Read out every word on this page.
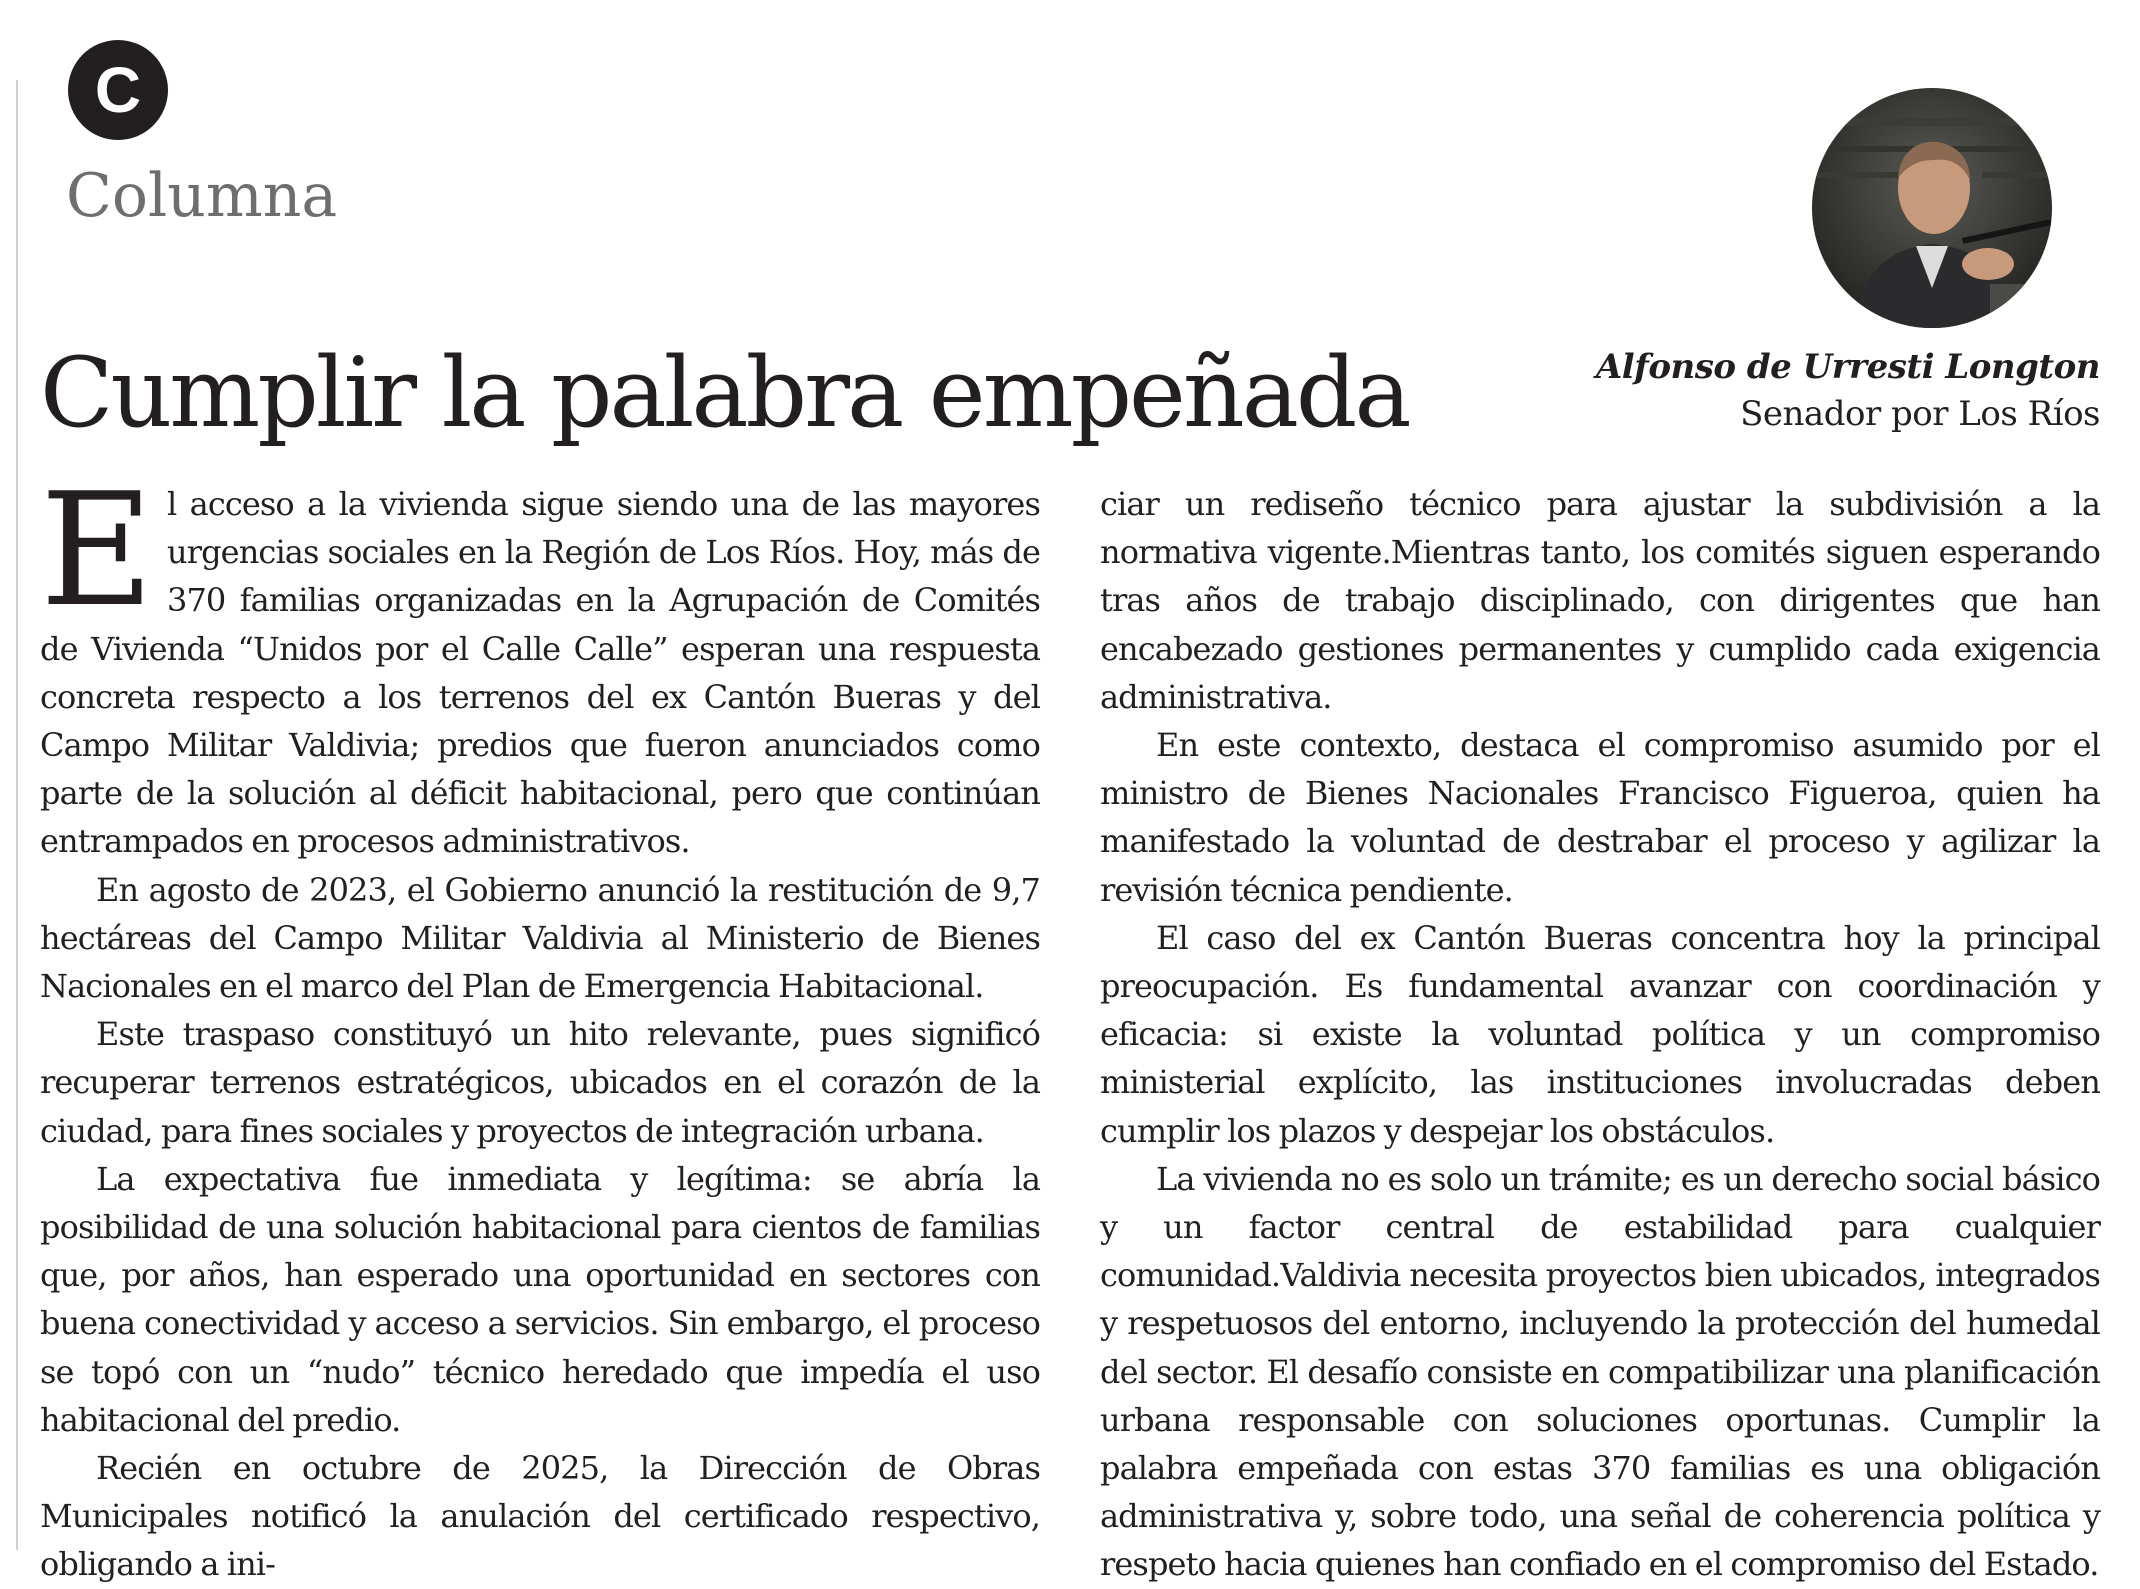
C
Columna
Cumplir la palabra empeñada	Alfonso de Urresti Longton
Senador por Los Ríos

El acceso a la vivienda sigue siendo una de las mayores urgencias sociales en la Región de Los Ríos. Hoy, más de 370 familias organizadas en la Agrupación de Comités de Vivienda “Unidos por el Calle Calle” esperan una respuesta concreta respecto a los terrenos del ex Cantón Bueras y del Campo Militar Valdivia; predios que fueron anunciados como parte de la solución al déficit habitacional, pero que continúan entrampados en procesos administrativos.

En agosto de 2023, el Gobierno anunció la restitución de 9,7 hectáreas del Campo Militar Valdivia al Ministerio de Bienes Nacionales en el marco del Plan de Emergencia Habitacional.

Este traspaso constituyó un hito relevante, pues significó recuperar terrenos estratégicos, ubicados en el corazón de la ciudad, para fines sociales y proyectos de integración urbana.

La expectativa fue inmediata y legítima: se abría la posibilidad de una solución habitacional para cientos de familias que, por años, han esperado una oportunidad en sectores con buena conectividad y acceso a servicios. Sin embargo, el proceso se topó con un “nudo” técnico heredado que impedía el uso habitacional del predio.

Recién en octubre de 2025, la Dirección de Obras Municipales notificó la anulación del certificado respectivo, obligando a ini-

ciar un rediseño técnico para ajustar la subdivisión a la normativa vigente.Mientras tanto, los comités siguen esperando tras años de trabajo disciplinado, con dirigentes que han encabezado gestiones permanentes y cumplido cada exigencia administrativa.

En este contexto, destaca el compromiso asumido por el ministro de Bienes Nacionales Francisco Figueroa, quien ha manifestado la voluntad de destrabar el proceso y agilizar la revisión técnica pendiente.

El caso del ex Cantón Bueras concentra hoy la principal preocupación. Es fundamental avanzar con coordinación y eficacia: si existe la voluntad política y un compromiso ministerial explícito, las instituciones involucradas deben cumplir los plazos y despejar los obstáculos.

La vivienda no es solo un trámite; es un derecho social básico y un factor central de estabilidad para cualquier comunidad.Valdivia necesita proyectos bien ubicados, integrados y respetuosos del entorno, incluyendo la protección del humedal del sector. El desafío consiste en compatibilizar una planificación urbana responsable con soluciones oportunas. Cumplir la palabra empeñada con estas 370 familias es una obligación administrativa y, sobre todo, una señal de coherencia política y respeto hacia quienes han confiado en el compromiso del Estado.
